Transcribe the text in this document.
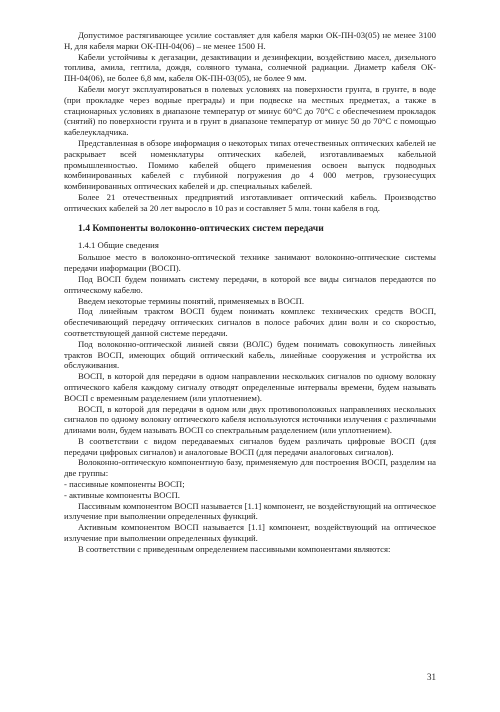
Допустимое растягивающее усилие составляет для кабеля марки ОК-ПН-03(05) не менее 3100 Н, для кабеля марки ОК-ПН-04(06) – не менее 1500 Н.

Кабели устойчивы к дегазации, дезактивации и дезинфекции, воздействию масел, дизельного топлива, амила, гептила, дождя, соляного тумана, солнечной радиации. Диаметр кабеля ОК-ПН-04(06), не более 6,8 мм, кабеля ОК-ПН-03(05), не более 9 мм.

Кабели могут эксплуатироваться в полевых условиях на поверхности грунта, в грунте, в воде (при прокладке через водные преграды) и при подвеске на местных предметах, а также в стационарных условиях в диапазоне температур от минус 60°С до 70°С с обеспечением прокладок (снятий) по поверхности грунта и в грунт в диапазоне температур от минус 50 до 70°С с помощью кабелеукладчика.

Представленная в обзоре информация о некоторых типах отечественных оптических кабелей не раскрывает всей номенклатуры оптических кабелей, изготавливаемых кабельной промышленностью. Помимо кабелей общего применения освоен выпуск подводных комбинированных кабелей с глубиной погружения до 4 000 метров, грузонесущих комбинированных оптических кабелей и др. специальных кабелей.

Более 21 отечественных предприятий изготавливает оптический кабель. Производство оптических кабелей за 20 лет выросло в 10 раз и составляет 5 млн. тонн кабеля в год.

1.4 Компоненты волоконно-оптических систем передачи
1.4.1 Общие сведения

Большое место в волоконно-оптической технике занимают волоконно-оптические системы передачи информации (ВОСП).

Под ВОСП будем понимать систему передачи, в которой все виды сигналов передаются по оптическому кабелю.

Введем некоторые термины понятий, применяемых в ВОСП.

Под линейным трактом ВОСП будем понимать комплекс технических средств ВОСП, обеспечивающий передачу оптических сигналов в полосе рабочих длин волн и со скоростью, соответствующей данной системе передачи.

Под волоконно-оптической линией связи (ВОЛС) будем понимать совокупность линейных трактов ВОСП, имеющих общий оптический кабель, линейные сооружения и устройства их обслуживания.

ВОСП, в которой для передачи в одном направлении нескольких сигналов по одному волокну оптического кабеля каждому сигналу отводят определенные интервалы времени, будем называть ВОСП с временным разделением (или уплотнением).

ВОСП, в которой для передачи в одном или двух противоположных направлениях нескольких сигналов по одному волокну оптического кабеля используются источники излучения с различными длинами волн, будем называть ВОСП со спектральным разделением (или уплотнением).

В соответствии с видом передаваемых сигналов будем различать цифровые ВОСП (для передачи цифровых сигналов) и аналоговые ВОСП (для передачи аналоговых сигналов).

Волоконно-оптическую компонентную базу, применяемую для построения ВОСП, разделим на две группы:

- пассивные компоненты ВОСП;

- активные компоненты ВОСП.

Пассивным компонентом ВОСП называется [1.1] компонент, не воздействующий на оптическое излучение при выполнении определенных функций.

Активным компонентом ВОСП называется [1.1] компонент, воздействующий на оптическое излучение при выполнении определенных функций.

В соответствии с приведенным определением пассивными компонентами являются:

31
